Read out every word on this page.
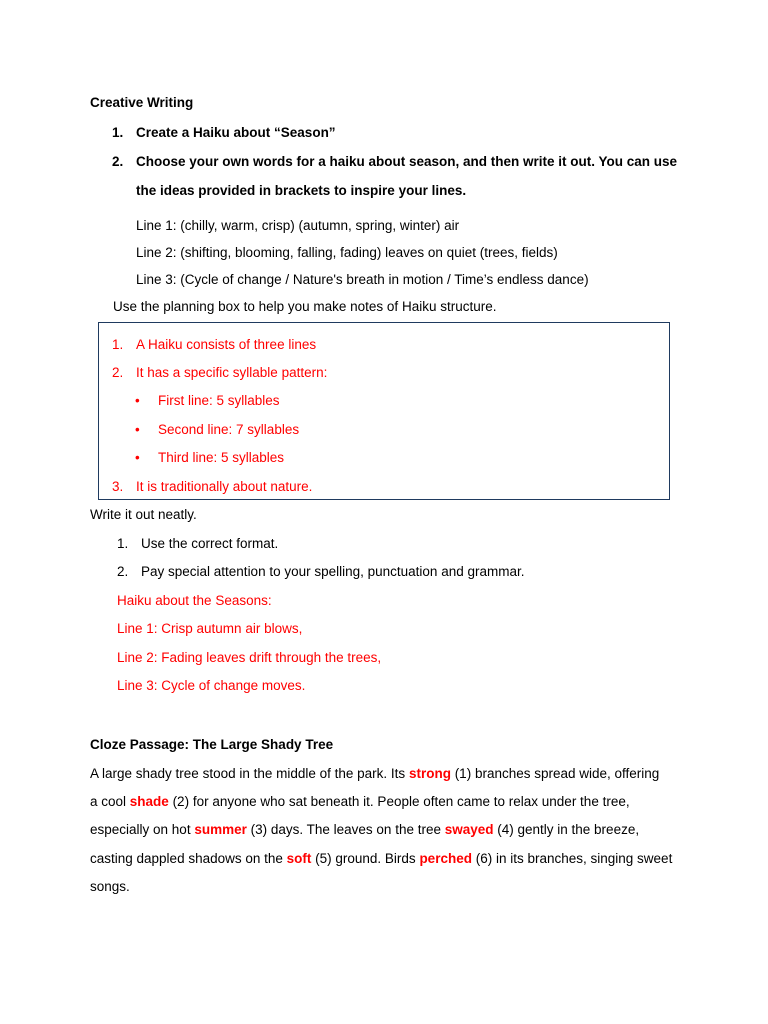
Creative Writing
1. Create a Haiku about “Season”
2. Choose your own words for a haiku about season, and then write it out. You can use
the ideas provided in brackets to inspire your lines.
Line 1: (chilly, warm, crisp) (autumn, spring, winter) air
Line 2: (shifting, blooming, falling, fading) leaves on quiet (trees, fields)
Line 3: (Cycle of change / Nature's breath in motion / Time’s endless dance)
Use the planning box to help you make notes of Haiku structure.
1. A Haiku consists of three lines
2. It has a specific syllable pattern:
• First line: 5 syllables
• Second line: 7 syllables
• Third line: 5 syllables
3. It is traditionally about nature.
Write it out neatly.
1. Use the correct format.
2. Pay special attention to your spelling, punctuation and grammar.
Haiku about the Seasons:
Line 1: Crisp autumn air blows,
Line 2: Fading leaves drift through the trees,
Line 3: Cycle of change moves.
Cloze Passage: The Large Shady Tree
A large shady tree stood in the middle of the park. Its strong (1) branches spread wide, offering
a cool shade (2) for anyone who sat beneath it. People often came to relax under the tree,
especially on hot summer (3) days. The leaves on the tree swayed (4) gently in the breeze,
casting dappled shadows on the soft (5) ground. Birds perched (6) in its branches, singing sweet
songs.
